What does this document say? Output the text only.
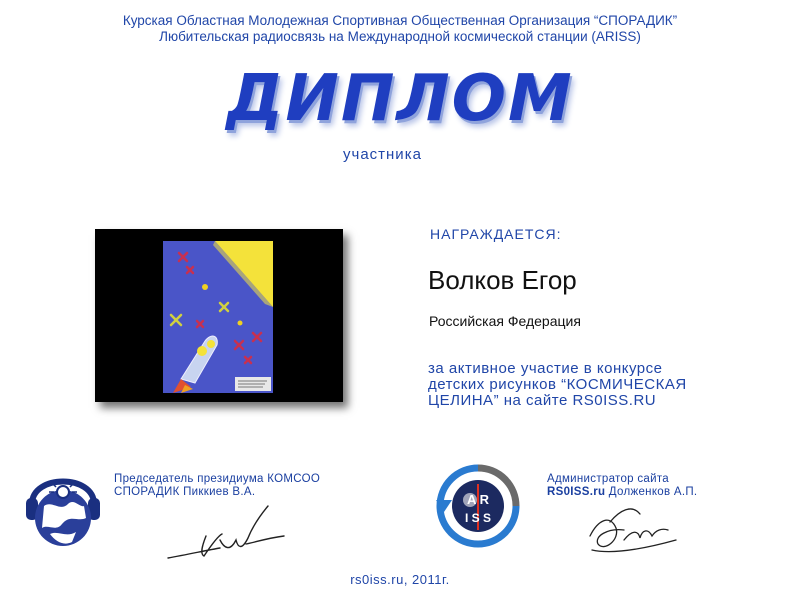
Курская Областная Молодежная Спортивная Общественная Организация “СПОРАДИК”
Любительская радиосвязь на Международной космической станции (ARISS)
ДИПЛОМ
участника
НАГРАЖДАЕТСЯ:
Волков Егор
Российская Федерация
за активное участие в конкурсе
детских рисунков “КОСМИЧЕСКАЯ
ЦЕЛИНА” на сайте RS0ISS.RU
Председатель президиума КОМСОО
СПОРАДИК Пиккиев В.А.	A R
I S S
Администратор сайта
RS0ISS.ru Долженков А.П.
rs0iss.ru, 2011г.
